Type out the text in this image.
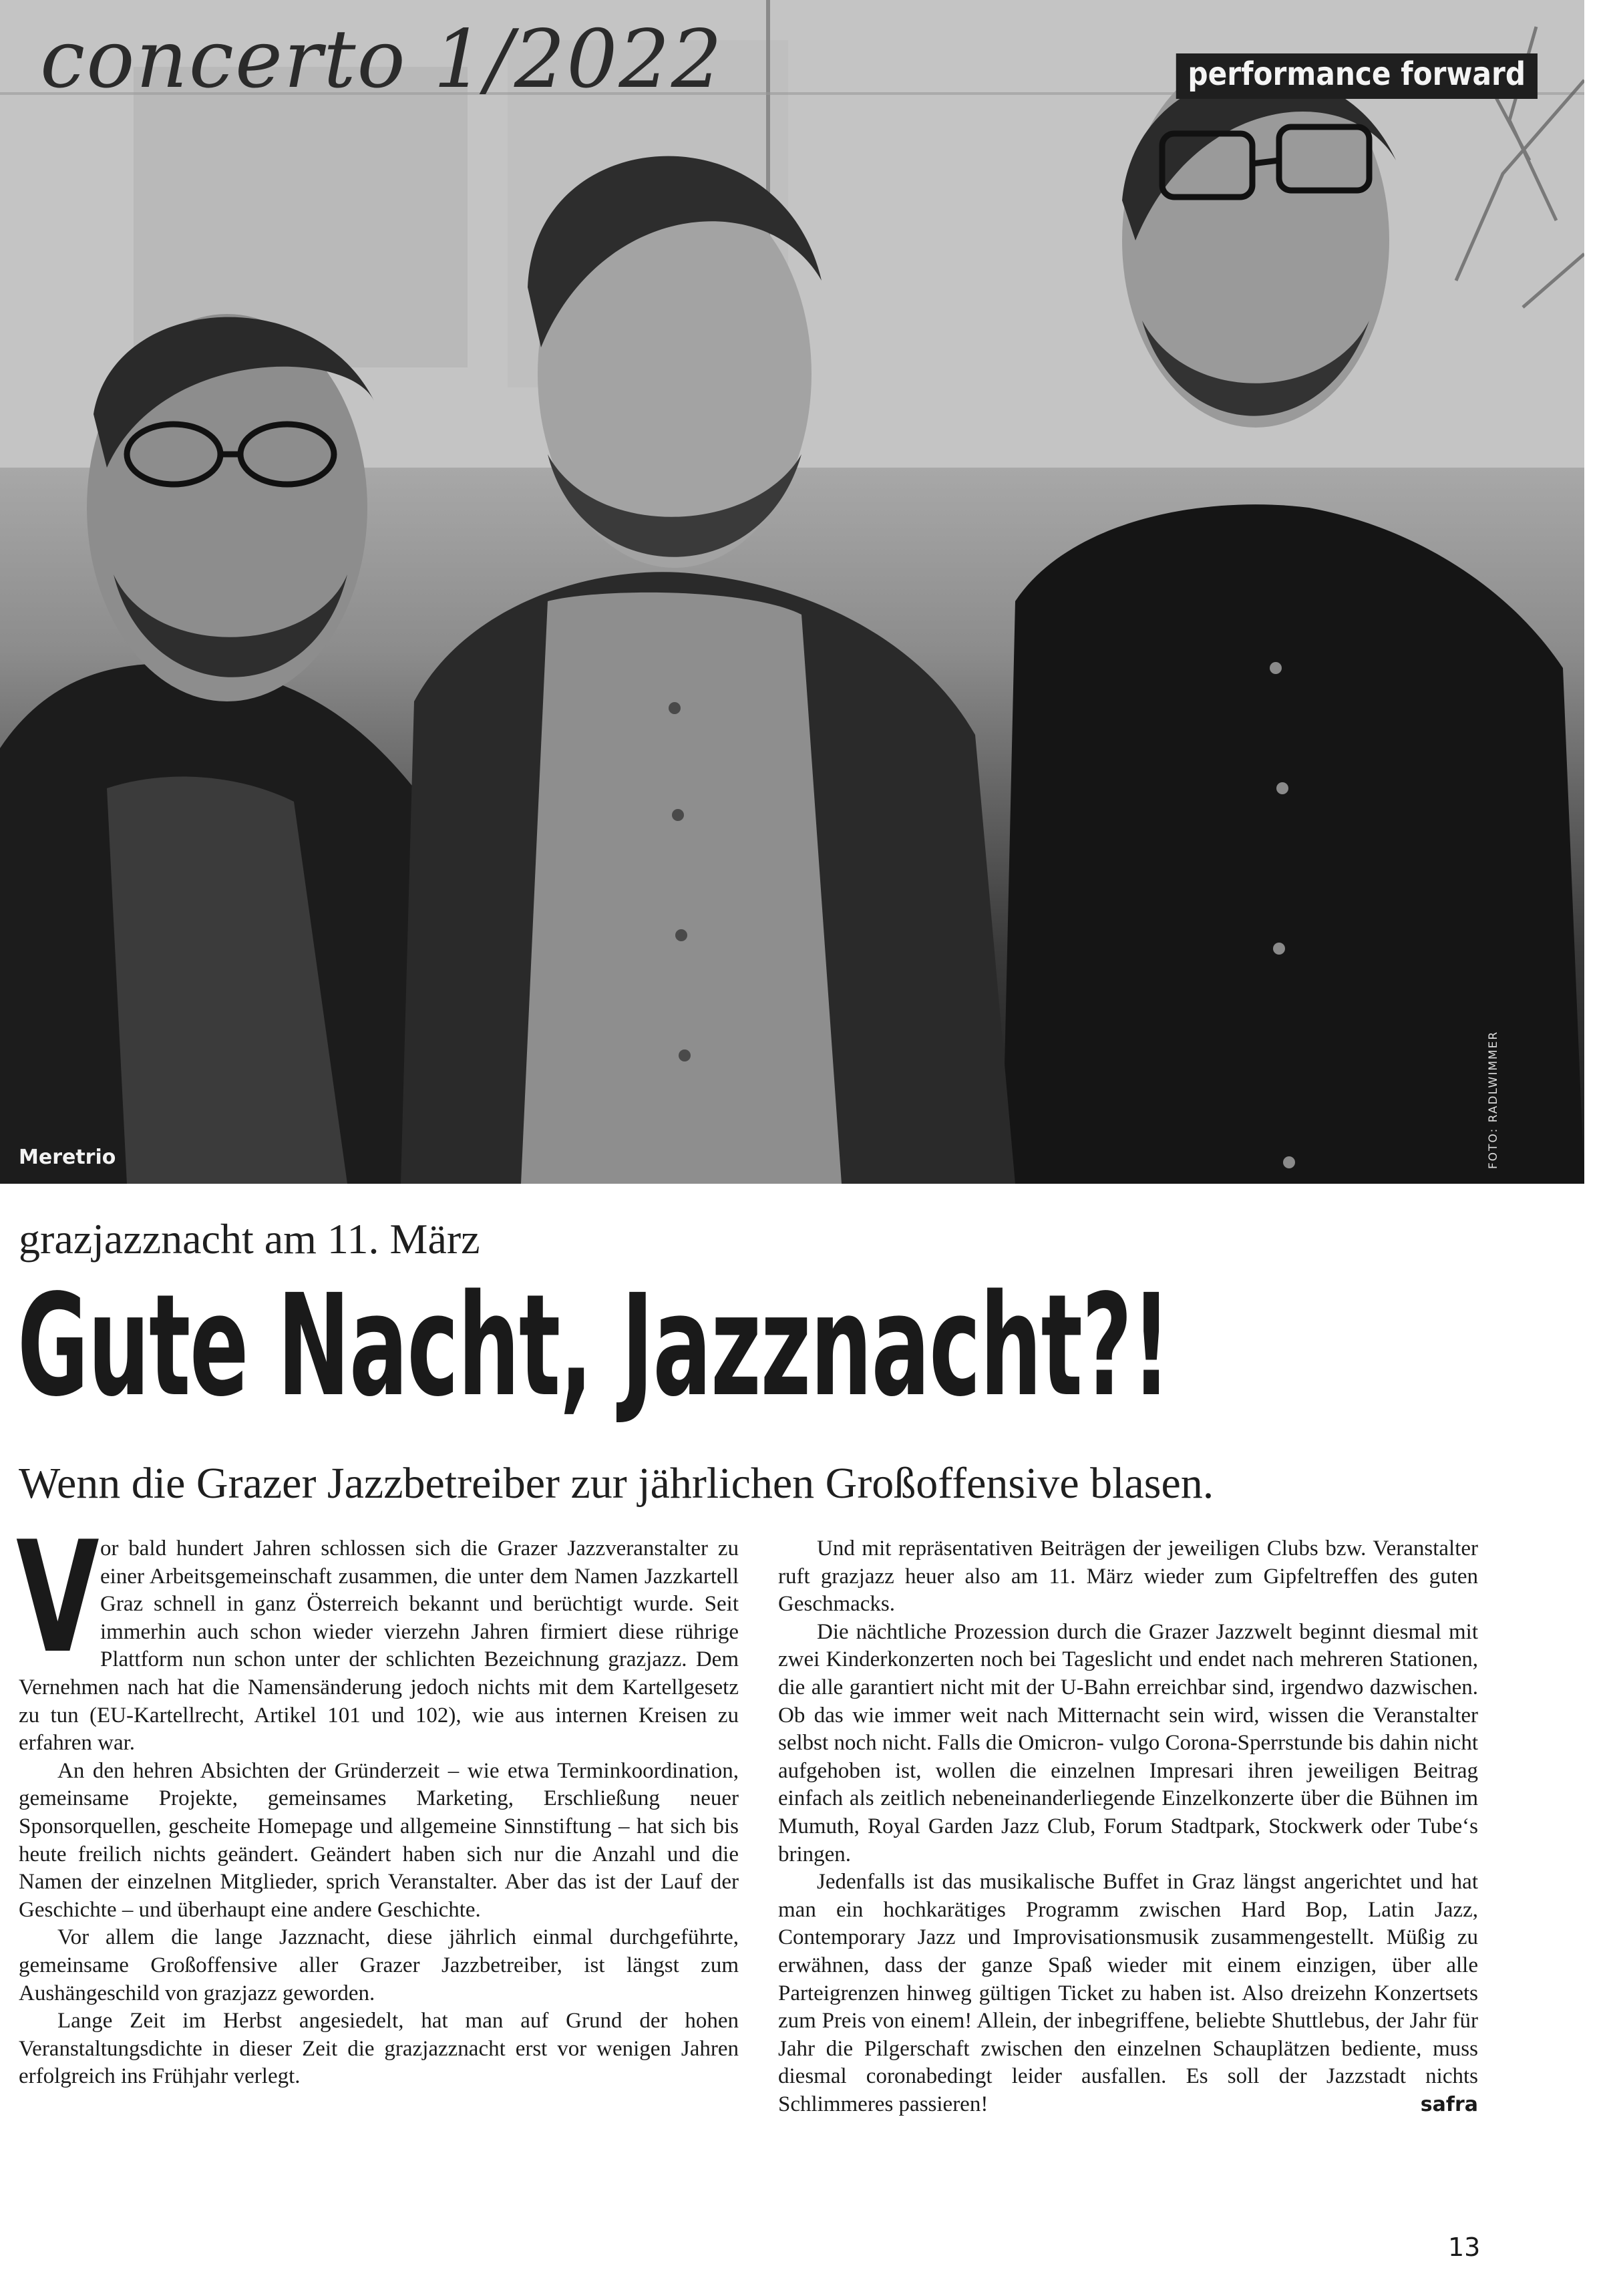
concerto 1/2022	performance forward
Meretrio	FOTO: RADLWIMMER
grazjazznacht am 11. März
Gute Nacht, Jazznacht?!
Wenn die Grazer Jazzbetreiber zur jährlichen Großoffensive blasen.

Vor bald hundert Jahren schlossen sich die Grazer Jazzveranstalter zu einer Arbeitsgemeinschaft zusammen, die unter dem Namen Jazzkartell Graz schnell in ganz Österreich bekannt und berüchtigt wurde. Seit immerhin auch schon wieder vierzehn Jahren firmiert diese rührige Plattform nun schon unter der schlichten Bezeichnung grazjazz. Dem Vernehmen nach hat die Namensänderung jedoch nichts mit dem Kartellgesetz zu tun (EU-Kartellrecht, Artikel 101 und 102), wie aus internen Kreisen zu erfahren war.

An den hehren Absichten der Gründerzeit – wie etwa Terminkoordination, gemeinsame Projekte, gemeinsames Marketing, Erschließung neuer Sponsorquellen, gescheite Homepage und allgemeine Sinnstiftung – hat sich bis heute freilich nichts geändert. Geändert haben sich nur die Anzahl und die Namen der einzelnen Mitglieder, sprich Veranstalter. Aber das ist der Lauf der Geschichte – und überhaupt eine andere Geschichte.

Vor allem die lange Jazznacht, diese jährlich einmal durchgeführte, gemeinsame Großoffensive aller Grazer Jazzbetreiber, ist längst zum Aushängeschild von grazjazz geworden.

Lange Zeit im Herbst angesiedelt, hat man auf Grund der hohen Veranstaltungsdichte in dieser Zeit die grazjazznacht erst vor wenigen Jahren erfolgreich ins Frühjahr verlegt.

Und mit repräsentativen Beiträgen der jeweiligen Clubs bzw. Veranstalter ruft grazjazz heuer also am 11. März wieder zum Gipfeltreffen des guten Geschmacks.

Die nächtliche Prozession durch die Grazer Jazzwelt beginnt diesmal mit zwei Kinderkonzerten noch bei Tageslicht und endet nach mehreren Stationen, die alle garantiert nicht mit der U-Bahn erreichbar sind, irgendwo dazwischen. Ob das wie immer weit nach Mitternacht sein wird, wissen die Veranstalter selbst noch nicht. Falls die Omicron- vulgo Corona-Sperrstunde bis dahin nicht aufgehoben ist, wollen die einzelnen Impresari ihren jeweiligen Beitrag einfach als zeitlich nebeneinanderliegende Einzelkonzerte über die Bühnen im Mumuth, Royal Garden Jazz Club, Forum Stadtpark, Stockwerk oder Tube‘s bringen.

Jedenfalls ist das musikalische Buffet in Graz längst angerichtet und hat man ein hochkarätiges Programm zwischen Hard Bop, Latin Jazz, Contemporary Jazz und Improvisationsmusik zusammengestellt. Müßig zu erwähnen, dass der ganze Spaß wieder mit einem einzigen, über alle Parteigrenzen hinweg gültigen Ticket zu haben ist. Also dreizehn Konzertsets zum Preis von einem! Allein, der inbegriffene, beliebte Shuttlebus, der Jahr für Jahr die Pilgerschaft zwischen den einzelnen Schauplätzen bediente, muss diesmal coronabedingt leider ausfallen. Es soll der Jazzstadt nichts Schlimmeres passieren!	safra

13
